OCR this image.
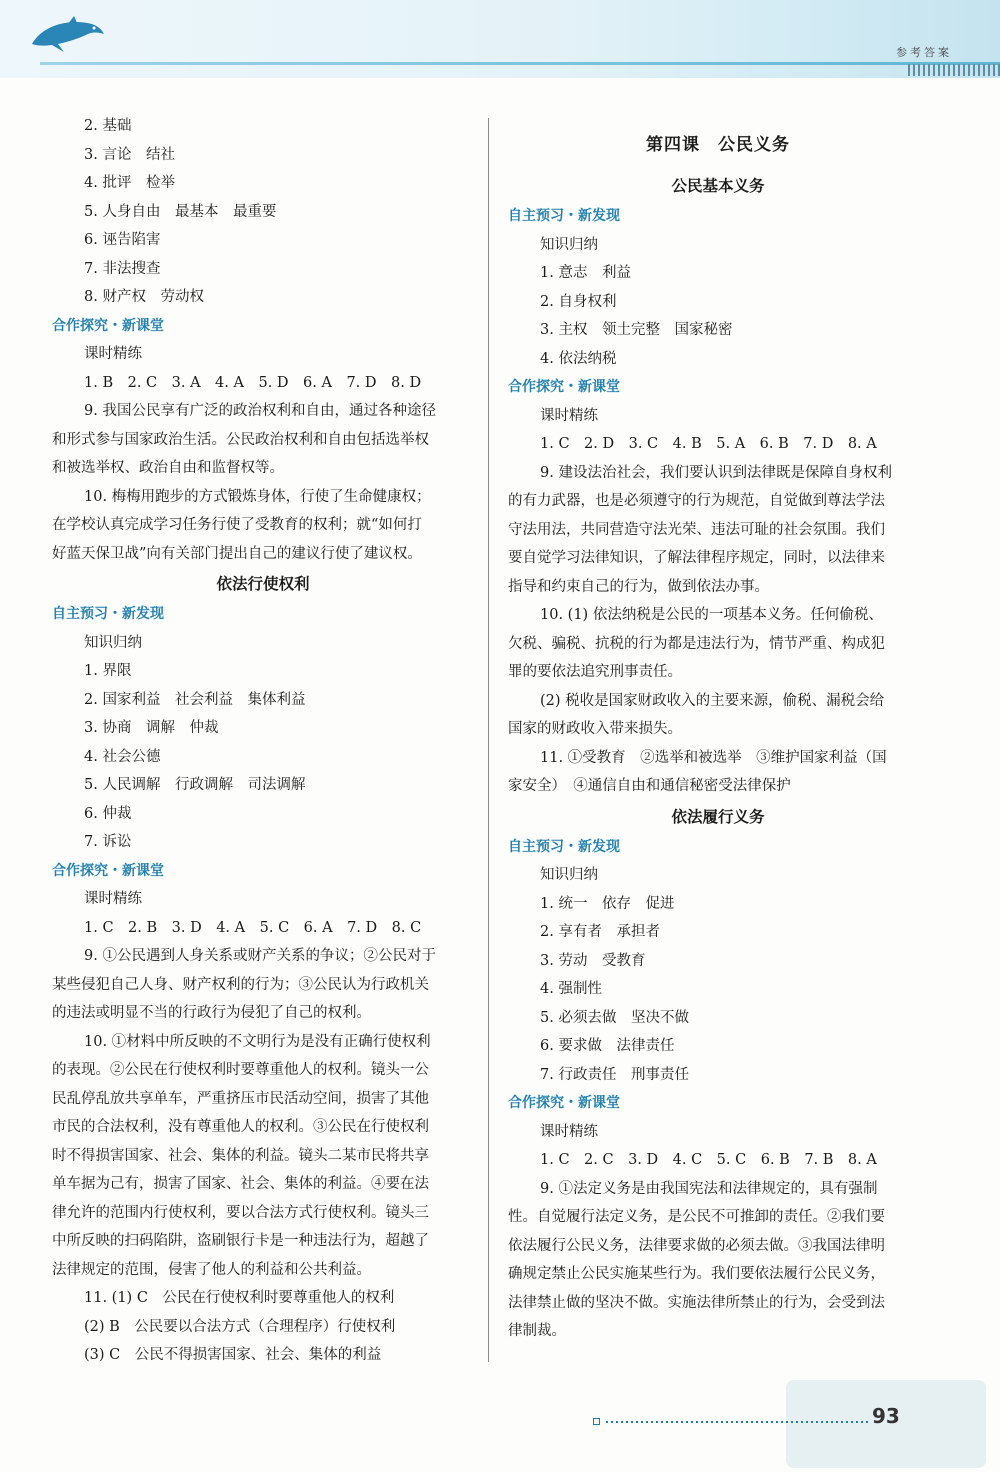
参考答案
2. 基础
3. 言论　结社
4. 批评　检举
5. 人身自由　最基本　最重要
6. 诬告陷害
7. 非法搜查
8. 财产权　劳动权
合作探究・新课堂
课时精练
1. B　2. C　3. A　4. A　5. D　6. A　7. D　8. D
9. 我国公民享有广泛的政治权利和自由，通过各种途径
和形式参与国家政治生活。公民政治权利和自由包括选举权
和被选举权、政治自由和监督权等。
10. 梅梅用跑步的方式锻炼身体，行使了生命健康权；
在学校认真完成学习任务行使了受教育的权利；就“如何打
好蓝天保卫战”向有关部门提出自己的建议行使了建议权。
依法行使权利
自主预习・新发现
知识归纳
1. 界限
2. 国家利益　社会利益　集体利益
3. 协商　调解　仲裁
4. 社会公德
5. 人民调解　行政调解　司法调解
6. 仲裁
7. 诉讼
合作探究・新课堂
课时精练
1. C　2. B　3. D　4. A　5. C　6. A　7. D　8. C
9. ①公民遇到人身关系或财产关系的争议；②公民对于
某些侵犯自己人身、财产权利的行为；③公民认为行政机关
的违法或明显不当的行政行为侵犯了自己的权利。
10. ①材料中所反映的不文明行为是没有正确行使权利
的表现。②公民在行使权利时要尊重他人的权利。镜头一公
民乱停乱放共享单车，严重挤压市民活动空间，损害了其他
市民的合法权利，没有尊重他人的权利。③公民在行使权利
时不得损害国家、社会、集体的利益。镜头二某市民将共享
单车据为己有，损害了国家、社会、集体的利益。④要在法
律允许的范围内行使权利，要以合法方式行使权利。镜头三
中所反映的扫码陷阱，盗刷银行卡是一种违法行为，超越了
法律规定的范围，侵害了他人的利益和公共利益。
11. (1) C　公民在行使权利时要尊重他人的权利
(2) B　公民要以合法方式（合理程序）行使权利
(3) C　公民不得损害国家、社会、集体的利益
第四课　公民义务
公民基本义务
自主预习・新发现
知识归纳
1. 意志　利益
2. 自身权利
3. 主权　领土完整　国家秘密
4. 依法纳税
合作探究・新课堂
课时精练
1. C　2. D　3. C　4. B　5. A　6. B　7. D　8. A
9. 建设法治社会，我们要认识到法律既是保障自身权利
的有力武器，也是必须遵守的行为规范，自觉做到尊法学法
守法用法，共同营造守法光荣、违法可耻的社会氛围。我们
要自觉学习法律知识，了解法律程序规定，同时，以法律来
指导和约束自己的行为，做到依法办事。
10. (1) 依法纳税是公民的一项基本义务。任何偷税、
欠税、骗税、抗税的行为都是违法行为，情节严重、构成犯
罪的要依法追究刑事责任。
(2) 税收是国家财政收入的主要来源，偷税、漏税会给
国家的财政收入带来损失。
11. ①受教育　②选举和被选举　③维护国家利益（国
家安全）　④通信自由和通信秘密受法律保护
依法履行义务
自主预习・新发现
知识归纳
1. 统一　依存　促进
2. 享有者　承担者
3. 劳动　受教育
4. 强制性
5. 必须去做　坚决不做
6. 要求做　法律责任
7. 行政责任　刑事责任
合作探究・新课堂
课时精练
1. C　2. C　3. D　4. C　5. C　6. B　7. B　8. A
9. ①法定义务是由我国宪法和法律规定的，具有强制
性。自觉履行法定义务，是公民不可推卸的责任。②我们要
依法履行公民义务，法律要求做的必须去做。③我国法律明
确规定禁止公民实施某些行为。我们要依法履行公民义务，
法律禁止做的坚决不做。实施法律所禁止的行为，会受到法
律制裁。
93
